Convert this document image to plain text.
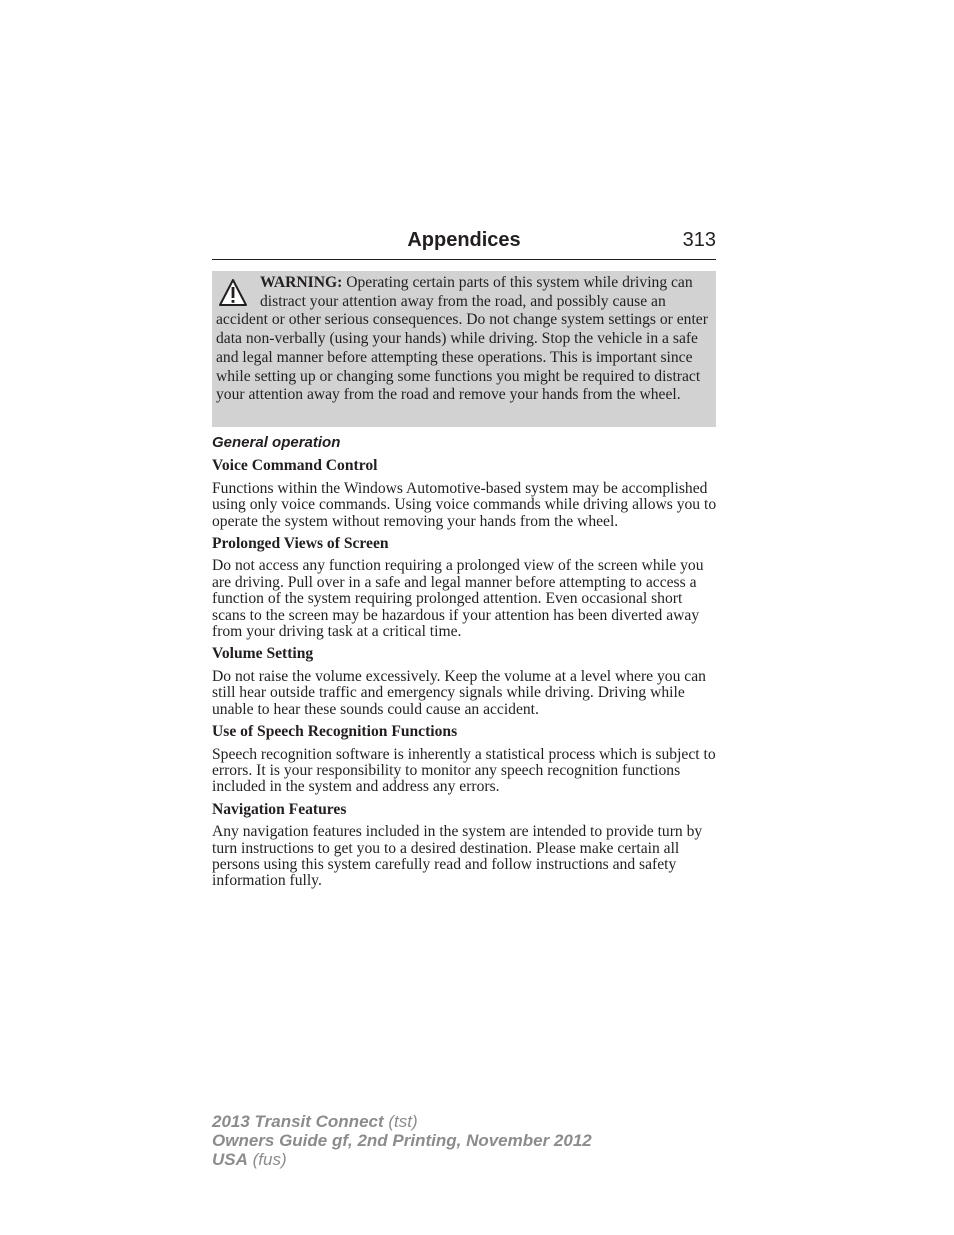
Appendices	313
WARNING: Operating certain parts of this system while driving can distract your attention away from the road, and possibly cause an accident or other serious consequences. Do not change system settings or enter data non-verbally (using your hands) while driving. Stop the vehicle in a safe and legal manner before attempting these operations. This is important since while setting up or changing some functions you might be required to distract your attention away from the road and remove your hands from the wheel.
General operation
Voice Command Control
Functions within the Windows Automotive-based system may be accomplished using only voice commands. Using voice commands while driving allows you to operate the system without removing your hands from the wheel.
Prolonged Views of Screen
Do not access any function requiring a prolonged view of the screen while you are driving. Pull over in a safe and legal manner before attempting to access a function of the system requiring prolonged attention. Even occasional short scans to the screen may be hazardous if your attention has been diverted away from your driving task at a critical time.
Volume Setting
Do not raise the volume excessively. Keep the volume at a level where you can still hear outside traffic and emergency signals while driving. Driving while unable to hear these sounds could cause an accident.
Use of Speech Recognition Functions
Speech recognition software is inherently a statistical process which is subject to errors. It is your responsibility to monitor any speech recognition functions included in the system and address any errors.
Navigation Features
Any navigation features included in the system are intended to provide turn by turn instructions to get you to a desired destination. Please make certain all persons using this system carefully read and follow instructions and safety information fully.
2013 Transit Connect (tst)
Owners Guide gf, 2nd Printing, November 2012
USA (fus)
